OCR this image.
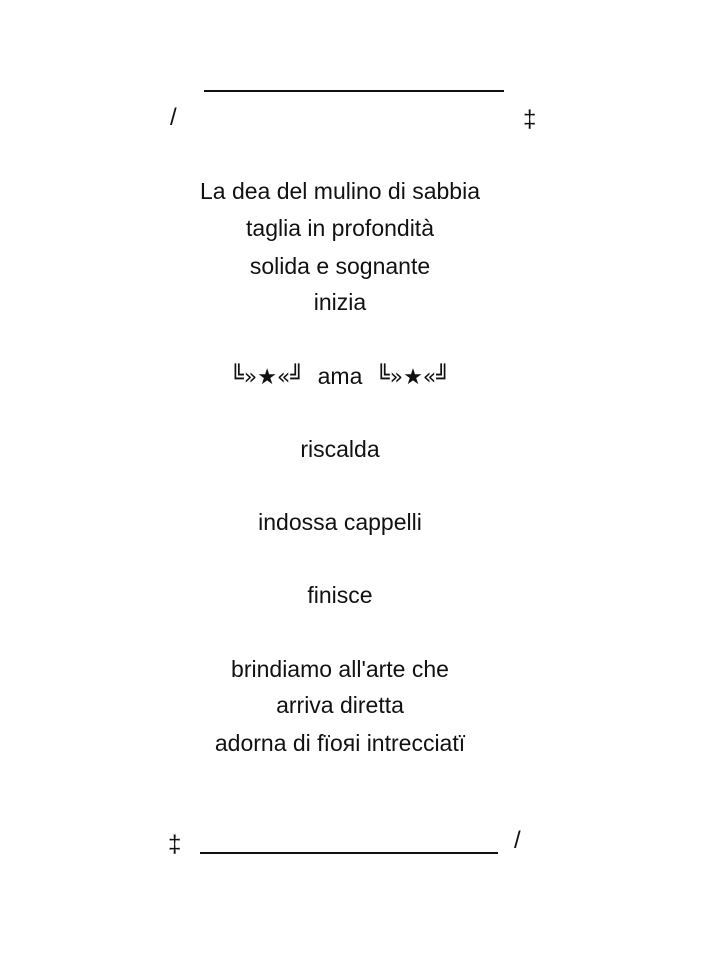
/	‡
La dea del mulino di sabbia
taglia in profondità
solida e sognante
inizia
╚»★«╝ ama ╚»★«╝
riscalda
indossa cappelli
finisce
brindiamo all'arte che
arriva diretta
adorna di fïoяi intrecciatï
‡	/
